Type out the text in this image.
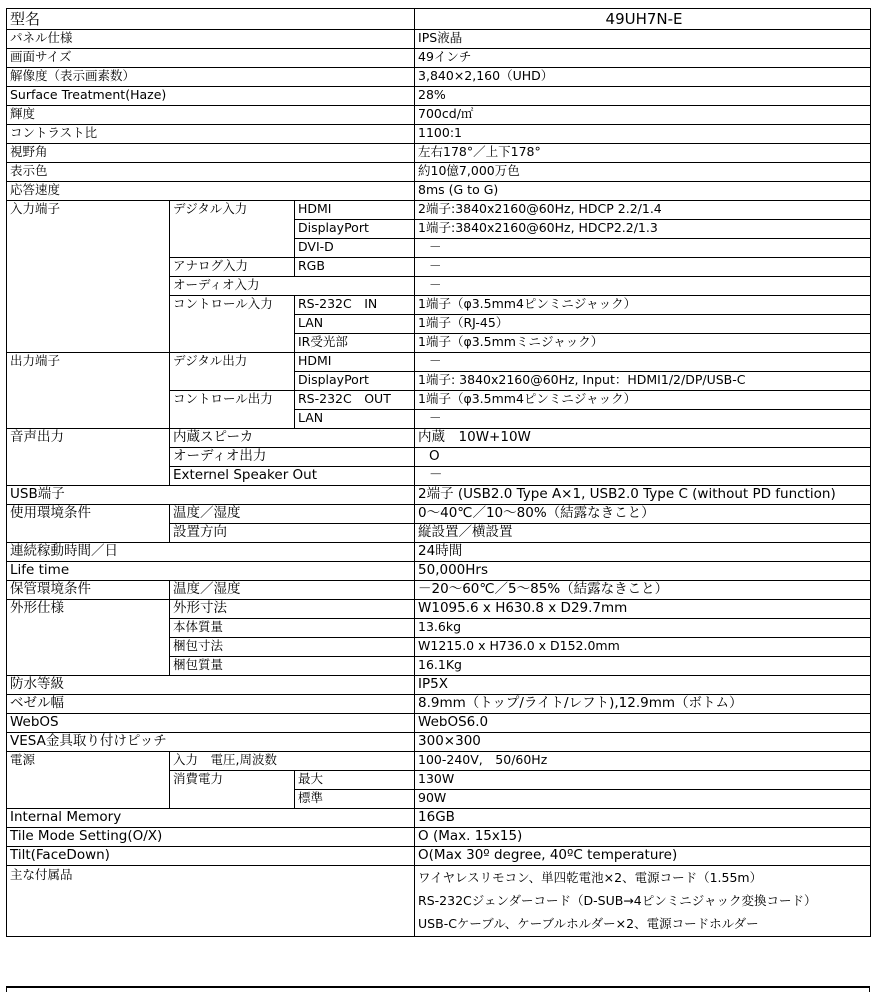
型名			49UH7N-E
パネル仕様			IPS液晶
画面サイズ			49インチ
解像度（表示画素数）			3,840×2,160（UHD）
Surface Treatment(Haze)			28%
輝度			700cd/㎡
コントラスト比			1100:1
視野角			左右178°／上下178°
表示色			約10億7,000万色
応答速度			8ms (G to G)
入力端子	デジタル入力	HDMI	2端子:3840x2160@60Hz, HDCP 2.2/1.4
		DisplayPort	1端子:3840x2160@60Hz, HDCP2.2/1.3
		DVI-D	－
	アナログ入力	RGB	－
	オーディオ入力		－
	コントロール入力	RS-232C　IN	1端子（φ3.5mm4ピンミニジャック）
		LAN	1端子（RJ-45）
		IR受光部	1端子（φ3.5mmミニジャック）
出力端子	デジタル出力	HDMI	－
		DisplayPort	1端子: 3840x2160@60Hz, Input：HDMI1/2/DP/USB-C
	コントロール出力	RS-232C　OUT	1端子（φ3.5mm4ピンミニジャック）
		LAN	－
音声出力	内蔵スピーカ		内蔵　10W+10W
	オーディオ出力		O
	Externel Speaker Out		－
USB端子			2端子 (USB2.0 Type A×1, USB2.0 Type C (without PD function)
使用環境条件	温度／湿度		0～40℃／10～80%（結露なきこと）
	設置方向		縦設置／横設置
連続稼動時間／日			24時間
Life time			50,000Hrs
保管環境条件	温度／湿度		－20～60℃／5～85%（結露なきこと）
外形仕様	外形寸法		W1095.6 x H630.8 x D29.7mm
	本体質量		13.6kg
	梱包寸法		W1215.0 x H736.0 x D152.0mm
	梱包質量		16.1Kg
防水等級			IP5X
ベゼル幅			8.9mm（トップ/ライト/レフト),12.9mm（ボトム）
WebOS			WebOS6.0
VESA金具取り付けピッチ			300×300
電源	入力　電圧,周波数		100-240V,　50/60Hz
	消費電力	最大	130W
		標準	90W
Internal Memory			16GB
Tile Mode Setting(O/X)			O (Max. 15x15)
Tilt(FaceDown)			O(Max 30º degree, 40ºC temperature)
主な付属品			ワイヤレスリモコン、単四乾電池×2、電源コード（1.55m）
RS-232Cジェンダーコード（D-SUB→4ピンミニジャック変換コード）
USB-Cケーブル、ケーブルホルダー×2、電源コードホルダー
